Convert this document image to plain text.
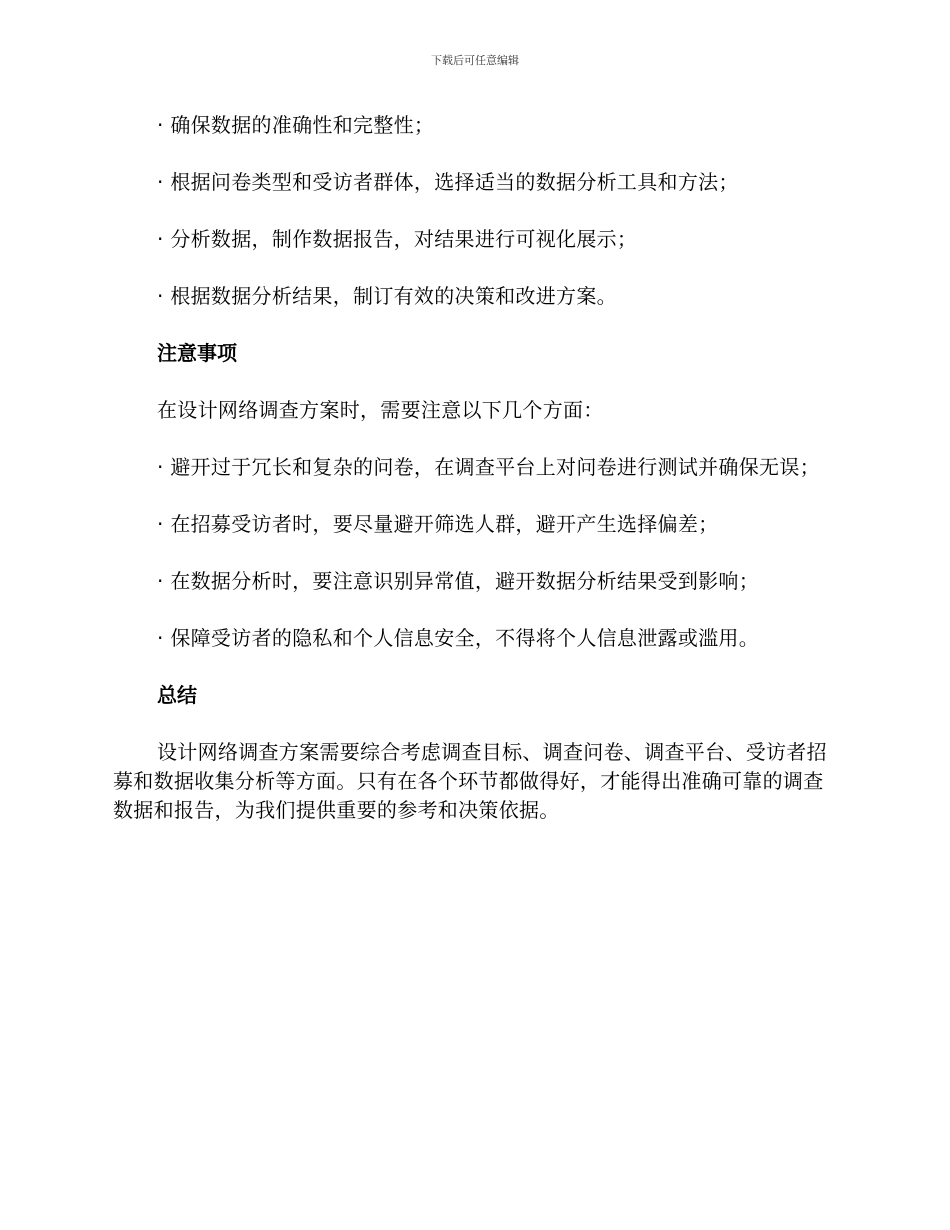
下载后可任意编辑

· 确保数据的准确性和完整性；

· 根据问卷类型和受访者群体，选择适当的数据分析工具和方法；

· 分析数据，制作数据报告，对结果进行可视化展示；

· 根据数据分析结果，制订有效的决策和改进方案。

注意事项

在设计网络调查方案时，需要注意以下几个方面：

· 避开过于冗长和复杂的问卷，在调查平台上对问卷进行测试并确保无误；

· 在招募受访者时，要尽量避开筛选人群，避开产生选择偏差；

· 在数据分析时，要注意识别异常值，避开数据分析结果受到影响；

· 保障受访者的隐私和个人信息安全，不得将个人信息泄露或滥用。

总结

设计网络调查方案需要综合考虑调查目标、调查问卷、调查平台、受访者招募和数据收集分析等方面。只有在各个环节都做得好，才能得出准确可靠的调查数据和报告，为我们提供重要的参考和决策依据。
